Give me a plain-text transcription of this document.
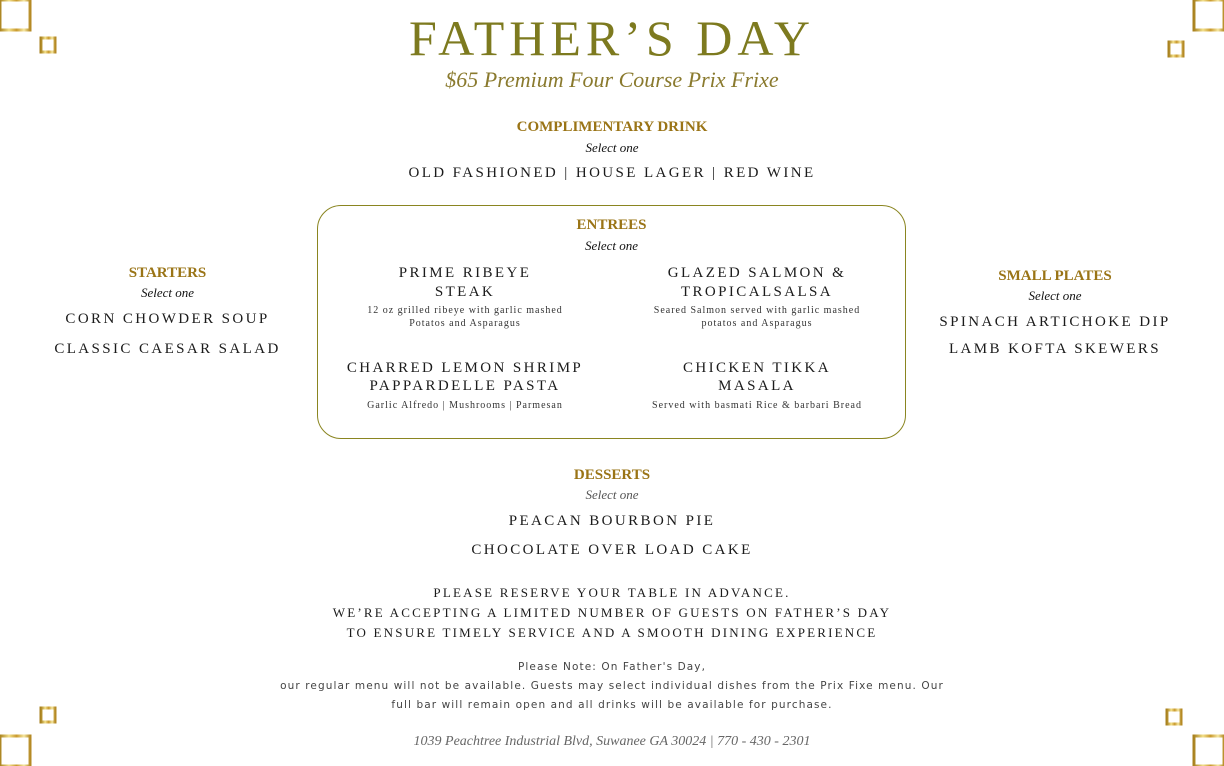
FATHER’S DAY
$65 Premium Four Course Prix Frixe
COMPLIMENTARY DRINK
Select one
OLD FASHIONED | HOUSE LAGER | RED WINE
ENTREES
Select one
PRIME RIBEYE
STEAK
12 oz grilled ribeye with garlic mashed
Potatos and Asparagus
GLAZED SALMON &
TROPICALSALSA
Seared Salmon served with garlic mashed
potatos and Asparagus
CHARRED LEMON SHRIMP
PAPPARDELLE PASTA
Garlic Alfredo | Mushrooms | Parmesan
CHICKEN TIKKA
MASALA
Served with basmati Rice & barbari Bread
STARTERS
Select one
CORN CHOWDER SOUP
CLASSIC CAESAR SALAD
SMALL PLATES
Select one
SPINACH ARTICHOKE DIP
LAMB KOFTA SKEWERS
DESSERTS
Select one
PEACAN BOURBON PIE
CHOCOLATE OVER LOAD CAKE
PLEASE RESERVE YOUR TABLE IN ADVANCE.
WE’RE ACCEPTING A LIMITED NUMBER OF GUESTS ON FATHER’S DAY
TO ENSURE TIMELY SERVICE AND A SMOOTH DINING EXPERIENCE
Please Note: On Father's Day,
our regular menu will not be available. Guests may select individual dishes from the Prix Fixe menu. Our
full bar will remain open and all drinks will be available for purchase.
1039 Peachtree Industrial Blvd, Suwanee GA 30024 | 770 - 430 - 2301
